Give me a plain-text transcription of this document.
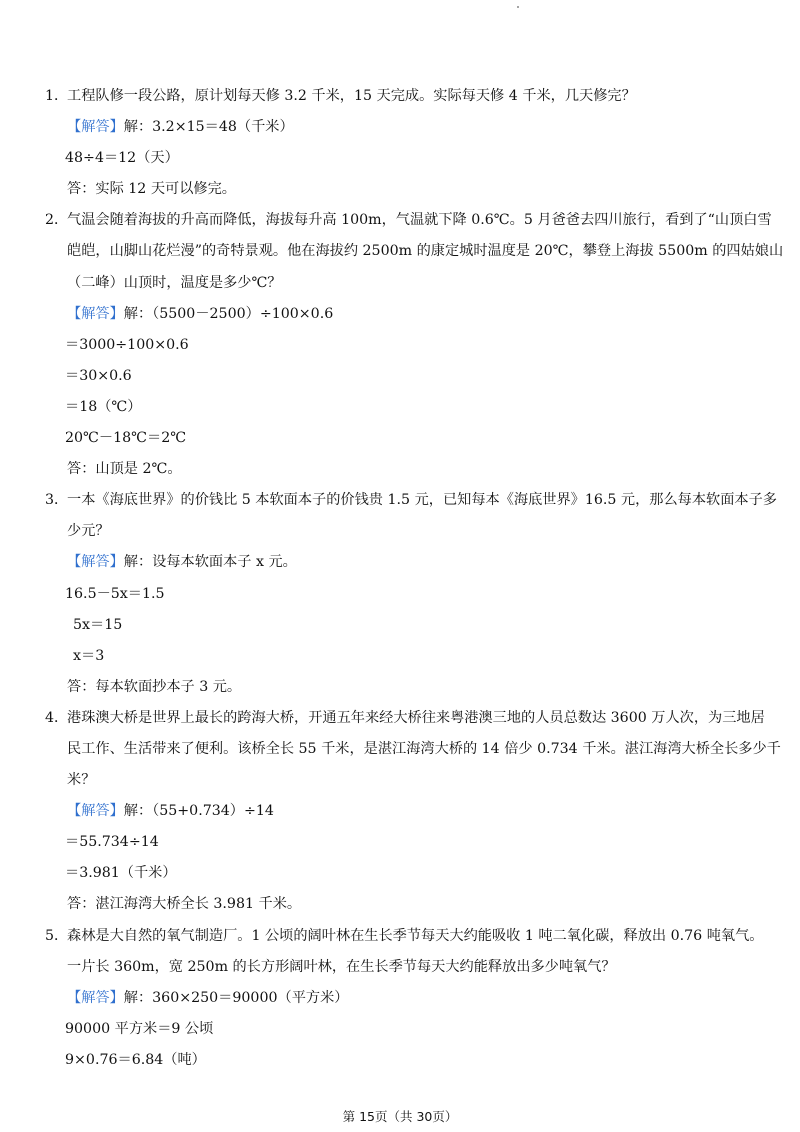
1．工程队修一段公路，原计划每天修 3.2 千米，15 天完成。实际每天修 4 千米，几天修完？
【解答】解：3.2×15＝48（千米）
48÷4＝12（天）
答：实际 12 天可以修完。
2．气温会随着海拔的升高而降低，海拔每升高 100m，气温就下降 0.6℃。5 月爸爸去四川旅行，看到了“山顶白雪
皑皑，山脚山花烂漫”的奇特景观。他在海拔约 2500m 的康定城时温度是 20℃，攀登上海拔 5500m 的四姑娘山
（二峰）山顶时，温度是多少℃？
【解答】解：（5500－2500）÷100×0.6
＝3000÷100×0.6
＝30×0.6
＝18（℃）
20℃－18℃＝2℃
答：山顶是 2℃。
3．一本《海底世界》的价钱比 5 本软面本子的价钱贵 1.5 元，已知每本《海底世界》16.5 元，那么每本软面本子多
少元？
【解答】解：设每本软面本子 x 元。
16.5－5x＝1.5
5x＝15
x＝3
答：每本软面抄本子 3 元。
4．港珠澳大桥是世界上最长的跨海大桥，开通五年来经大桥往来粤港澳三地的人员总数达 3600 万人次，为三地居
民工作、生活带来了便利。该桥全长 55 千米，是湛江海湾大桥的 14 倍少 0.734 千米。湛江海湾大桥全长多少千
米？
【解答】解：（55+0.734）÷14
＝55.734÷14
＝3.981（千米）
答：湛江海湾大桥全长 3.981 千米。
5．森林是大自然的氧气制造厂。1 公顷的阔叶林在生长季节每天大约能吸收 1 吨二氧化碳，释放出 0.76 吨氧气。
一片长 360m，宽 250m 的长方形阔叶林，在生长季节每天大约能释放出多少吨氧气？
【解答】解：360×250＝90000（平方米）
90000 平方米＝9 公顷
9×0.76＝6.84（吨）
第 15页（共 30页）
